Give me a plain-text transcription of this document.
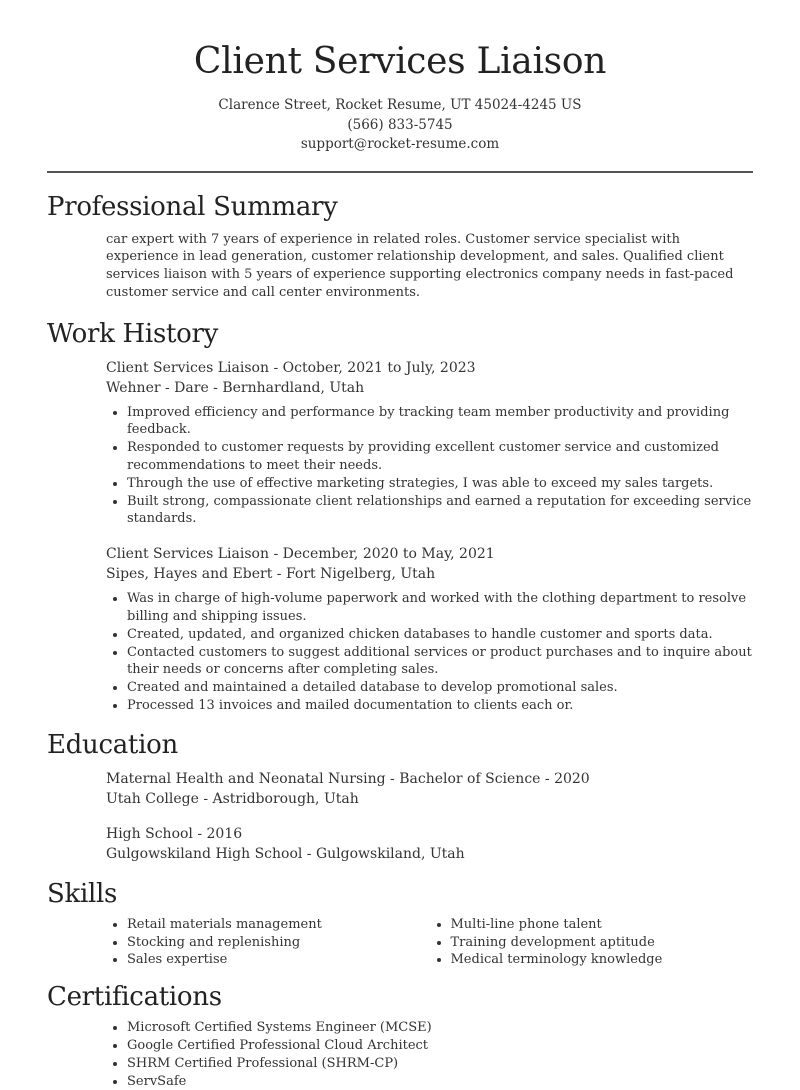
Client Services Liaison
Clarence Street, Rocket Resume, UT 45024-4245 US
(566) 833-5745
support@rocket-resume.com
Professional Summary
car expert with 7 years of experience in related roles. Customer service specialist with experience in lead generation, customer relationship development, and sales. Qualified client services liaison with 5 years of experience supporting electronics company needs in fast-paced customer service and call center environments.
Work History
Client Services Liaison - October, 2021 to July, 2023
Wehner - Dare - Bernhardland, Utah
• Improved efficiency and performance by tracking team member productivity and providing feedback.
• Responded to customer requests by providing excellent customer service and customized recommendations to meet their needs.
• Through the use of effective marketing strategies, I was able to exceed my sales targets.
• Built strong, compassionate client relationships and earned a reputation for exceeding service standards.
Client Services Liaison - December, 2020 to May, 2021
Sipes, Hayes and Ebert - Fort Nigelberg, Utah
• Was in charge of high-volume paperwork and worked with the clothing department to resolve billing and shipping issues.
• Created, updated, and organized chicken databases to handle customer and sports data.
• Contacted customers to suggest additional services or product purchases and to inquire about their needs or concerns after completing sales.
• Created and maintained a detailed database to develop promotional sales.
• Processed 13 invoices and mailed documentation to clients each or.
Education
Maternal Health and Neonatal Nursing - Bachelor of Science - 2020
Utah College - Astridborough, Utah
High School - 2016
Gulgowskiland High School - Gulgowskiland, Utah
Skills
• Retail materials management
• Stocking and replenishing
• Sales expertise
• Multi-line phone talent
• Training development aptitude
• Medical terminology knowledge
Certifications
• Microsoft Certified Systems Engineer (MCSE)
• Google Certified Professional Cloud Architect
• SHRM Certified Professional (SHRM-CP)
• ServSafe
